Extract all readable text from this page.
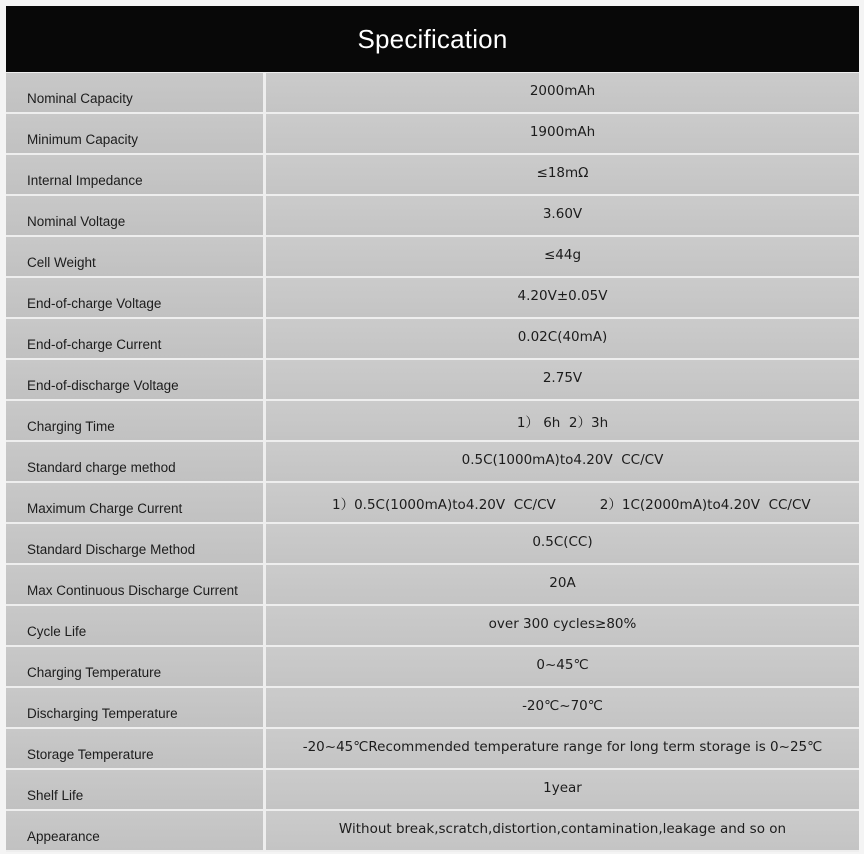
Specification
Nominal Capacity	2000mAh
Minimum Capacity	1900mAh
Internal Impedance	≤18mΩ
Nominal Voltage	3.60V
Cell Weight	≤44g
End-of-charge Voltage	4.20V±0.05V
End-of-charge Current	0.02C(40mA)
End-of-discharge Voltage	2.75V
Charging Time	1） 6h  2）3h
Standard charge method	0.5C(1000mA)to4.20V  CC/CV
Maximum Charge Current	1）0.5C(1000mA)to4.20V  CC/CV	2）1C(2000mA)to4.20V  CC/CV
Standard Discharge Method	0.5C(CC)
Max Continuous Discharge Current	20A
Cycle Life	over 300 cycles≥80%
Charging Temperature	0~45℃
Discharging Temperature	-20℃~70℃
Storage Temperature	-20~45℃Recommended temperature range for long term storage is 0~25℃
Shelf Life	1year
Appearance	Without break,scratch,distortion,contamination,leakage and so on
